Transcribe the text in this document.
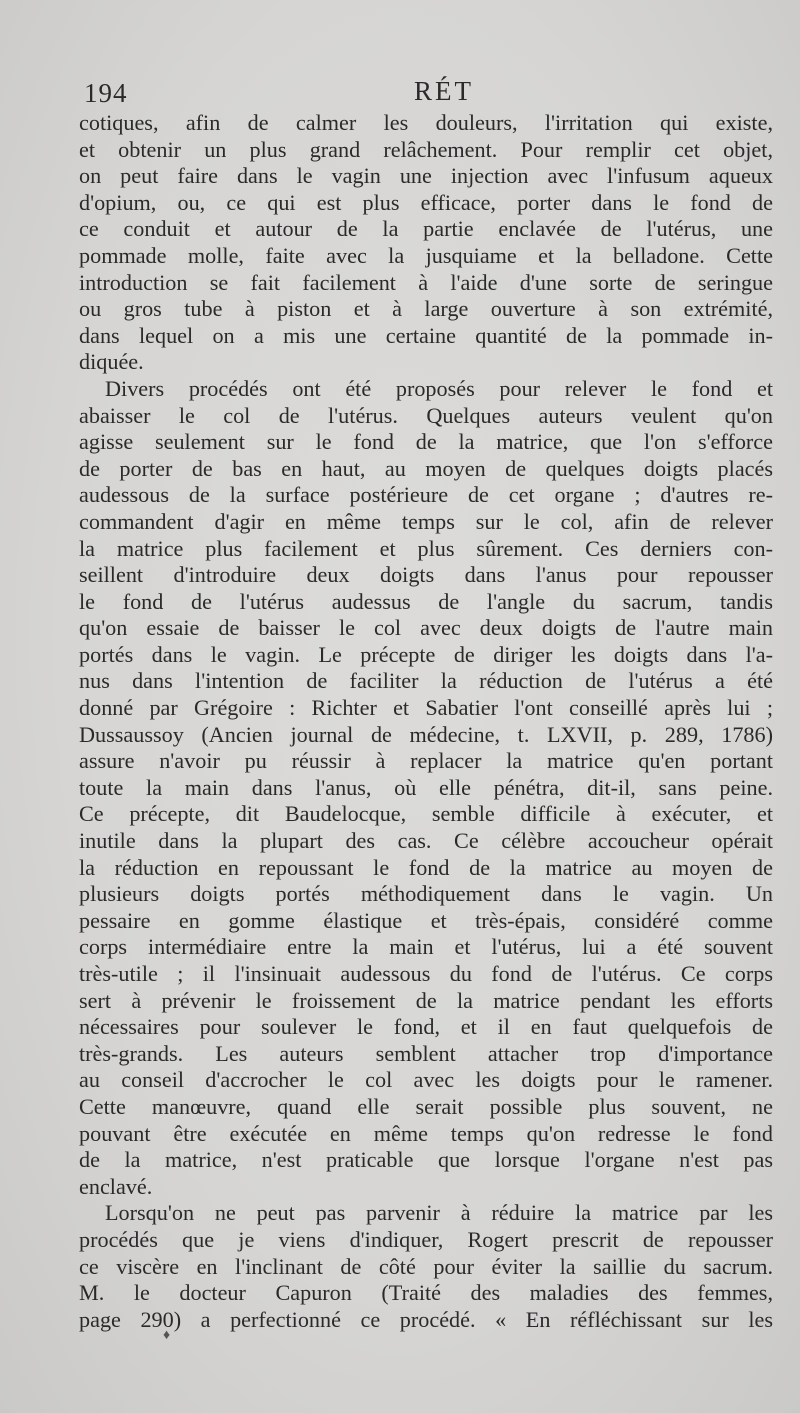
194	RÉT
cotiques, afin de calmer les douleurs, l'irritation qui existe,
et obtenir un plus grand relâchement. Pour remplir cet objet,
on peut faire dans le vagin une injection avec l'infusum aqueux
d'opium, ou, ce qui est plus efficace, porter dans le fond de
ce conduit et autour de la partie enclavée de l'utérus, une
pommade molle, faite avec la jusquiame et la belladone. Cette
introduction se fait facilement à l'aide d'une sorte de seringue
ou gros tube à piston et à large ouverture à son extrémité,
dans lequel on a mis une certaine quantité de la pommade in-
diquée.
Divers procédés ont été proposés pour relever le fond et
abaisser le col de l'utérus. Quelques auteurs veulent qu'on
agisse seulement sur le fond de la matrice, que l'on s'efforce
de porter de bas en haut, au moyen de quelques doigts placés
audessous de la surface postérieure de cet organe ; d'autres re-
commandent d'agir en même temps sur le col, afin de relever
la matrice plus facilement et plus sûrement. Ces derniers con-
seillent d'introduire deux doigts dans l'anus pour repousser
le fond de l'utérus audessus de l'angle du sacrum, tandis
qu'on essaie de baisser le col avec deux doigts de l'autre main
portés dans le vagin. Le précepte de diriger les doigts dans l'a-
nus dans l'intention de faciliter la réduction de l'utérus a été
donné par Grégoire : Richter et Sabatier l'ont conseillé après lui ;
Dussaussoy (Ancien journal de médecine, t. LXVII, p. 289, 1786)
assure n'avoir pu réussir à replacer la matrice qu'en portant
toute la main dans l'anus, où elle pénétra, dit-il, sans peine.
Ce précepte, dit Baudelocque, semble difficile à exécuter, et
inutile dans la plupart des cas. Ce célèbre accoucheur opérait
la réduction en repoussant le fond de la matrice au moyen de
plusieurs doigts portés méthodiquement dans le vagin. Un
pessaire en gomme élastique et très-épais, considéré comme
corps intermédiaire entre la main et l'utérus, lui a été souvent
très-utile ; il l'insinuait audessous du fond de l'utérus. Ce corps
sert à prévenir le froissement de la matrice pendant les efforts
nécessaires pour soulever le fond, et il en faut quelquefois de
très-grands. Les auteurs semblent attacher trop d'importance
au conseil d'accrocher le col avec les doigts pour le ramener.
Cette manœuvre, quand elle serait possible plus souvent, ne
pouvant être exécutée en même temps qu'on redresse le fond
de la matrice, n'est praticable que lorsque l'organe n'est pas
enclavé.
Lorsqu'on ne peut pas parvenir à réduire la matrice par les
procédés que je viens d'indiquer, Rogert prescrit de repousser
ce viscère en l'inclinant de côté pour éviter la saillie du sacrum.
M. le docteur Capuron (Traité des maladies des femmes,
page 290) a perfectionné ce procédé. « En réfléchissant sur les
♦
